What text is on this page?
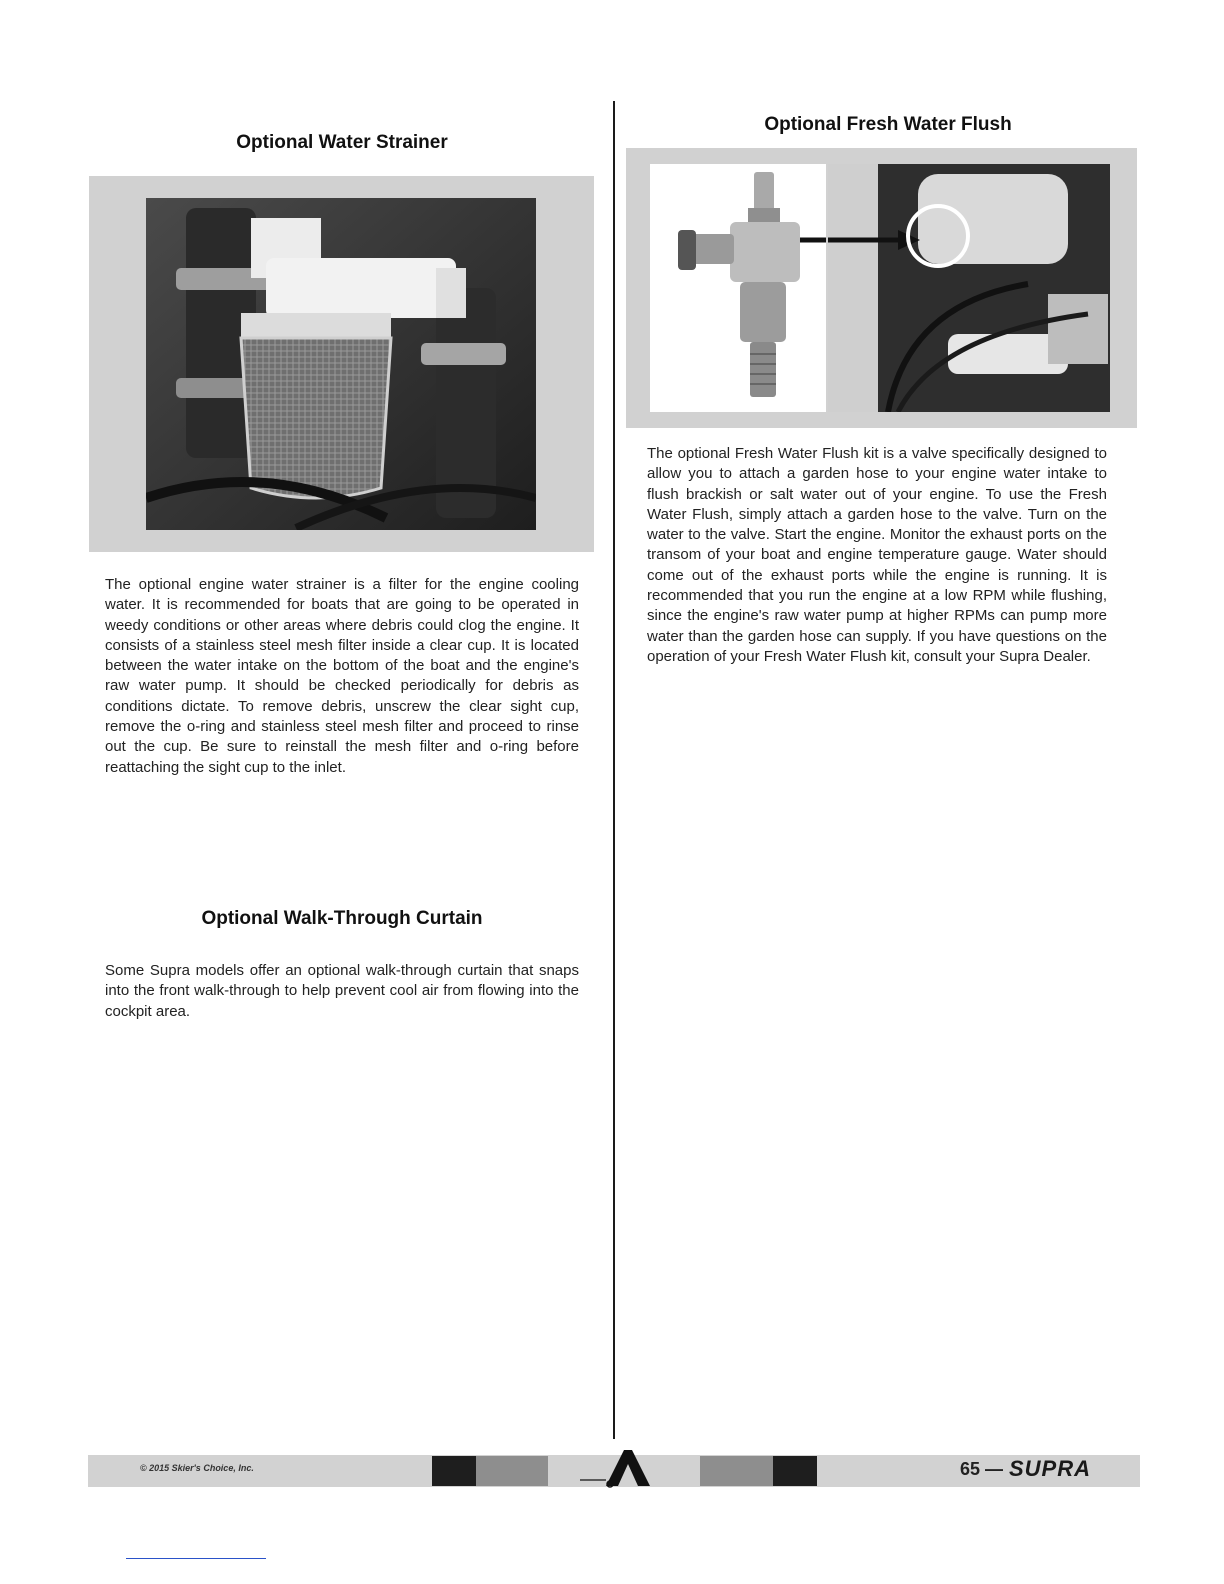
Optional Water Strainer
The optional engine water strainer is a filter for the engine cooling water. It is recommended for boats that are going to be operated in weedy conditions or other areas where debris could clog the engine. It consists of a stainless steel mesh filter inside a clear cup. It is located between the water intake on the bottom of the boat and the engine's raw water pump. It should be checked periodically for debris as conditions dictate. To remove debris, unscrew the clear sight cup, remove the o-ring and stainless steel mesh filter and proceed to rinse out the cup. Be sure to reinstall the mesh filter and o-ring before reattaching the sight cup to the inlet.
Optional Walk-Through Curtain
Some Supra models offer an optional walk-through curtain that snaps into the front walk-through to help prevent cool air from flowing into the cockpit area.
Optional Fresh Water Flush
The optional Fresh Water Flush kit is a valve specifically designed to allow you to attach a garden hose to your engine water intake to flush brackish or salt water out of your engine. To use the Fresh Water Flush, simply attach a garden hose to the valve. Turn on the water to the valve. Start the engine. Monitor the exhaust ports on the transom of your boat and engine temperature gauge. Water should come out of the exhaust ports while the engine is running. It is recommended that you run the engine at a low RPM while flushing, since the engine's raw water pump at higher RPMs can pump more water than the garden hose can supply. If you have questions on the operation of your Fresh Water Flush kit, consult your Supra Dealer.
© 2015 Skier's Choice, Inc.	65 — SUPRA
